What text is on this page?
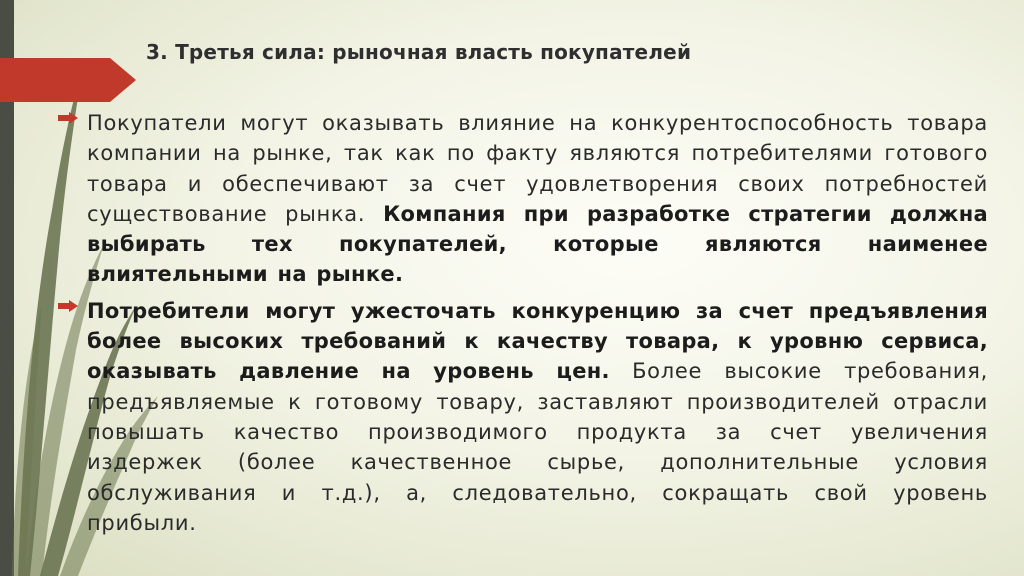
3. Третья сила: рыночная власть покупателей
Покупатели могут оказывать влияние на конкурентоспособность товара компании на рынке, так как по факту являются потребителями готового товара и обеспечивают за счет удовлетворения своих потребностей существование рынка. Компания при разработке стратегии должна выбирать тех покупателей, которые являются наименее влиятельными на рынке.
Потребители могут ужесточать конкуренцию за счет предъявления более высоких требований к качеству товара, к уровню сервиса, оказывать давление на уровень цен. Более высокие требования, предъявляемые к готовому товару, заставляют производителей отрасли повышать качество производимого продукта за счет увеличения издержек (более качественное сырье, дополнительные условия обслуживания и т.д.), а, следовательно, сокращать свой уровень прибыли.
